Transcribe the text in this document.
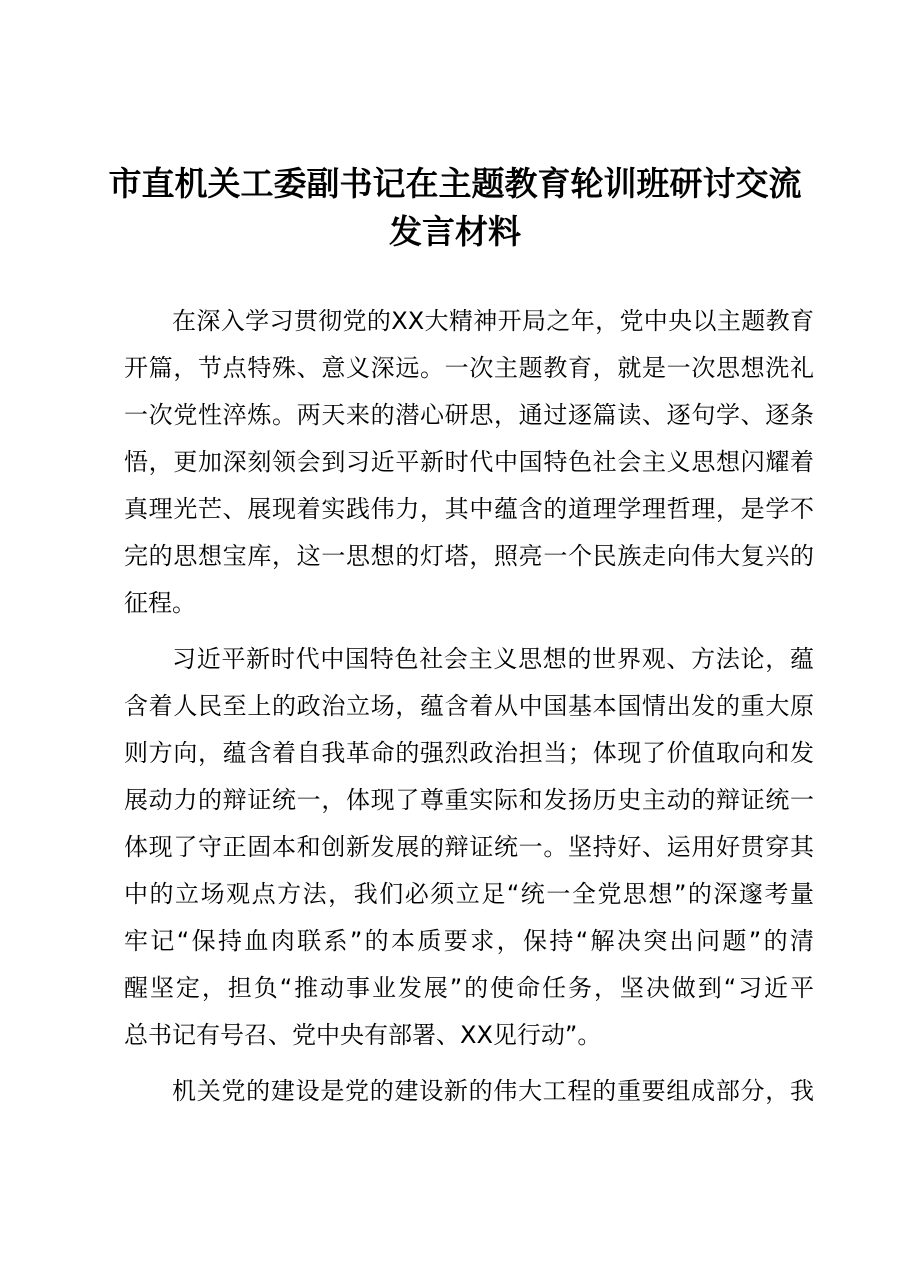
市直机关工委副书记在主题教育轮训班研讨交流
发言材料

在深入学习贯彻党的XX大精神开局之年，党中央以主题教育
开篇，节点特殊、意义深远。一次主题教育，就是一次思想洗礼
一次党性淬炼。两天来的潜心研思，通过逐篇读、逐句学、逐条
悟，更加深刻领会到习近平新时代中国特色社会主义思想闪耀着
真理光芒、展现着实践伟力，其中蕴含的道理学理哲理，是学不
完的思想宝库，这一思想的灯塔，照亮一个民族走向伟大复兴的
征程。

习近平新时代中国特色社会主义思想的世界观、方法论，蕴
含着人民至上的政治立场，蕴含着从中国基本国情出发的重大原
则方向，蕴含着自我革命的强烈政治担当；体现了价值取向和发
展动力的辩证统一，体现了尊重实际和发扬历史主动的辩证统一
体现了守正固本和创新发展的辩证统一。坚持好、运用好贯穿其
中的立场观点方法，我们必须立足“统一全党思想”的深邃考量
牢记“保持血肉联系”的本质要求，保持“解决突出问题”的清
醒坚定，担负“推动事业发展”的使命任务，坚决做到“习近平
总书记有号召、党中央有部署、XX见行动”。

机关党的建设是党的建设新的伟大工程的重要组成部分，我
